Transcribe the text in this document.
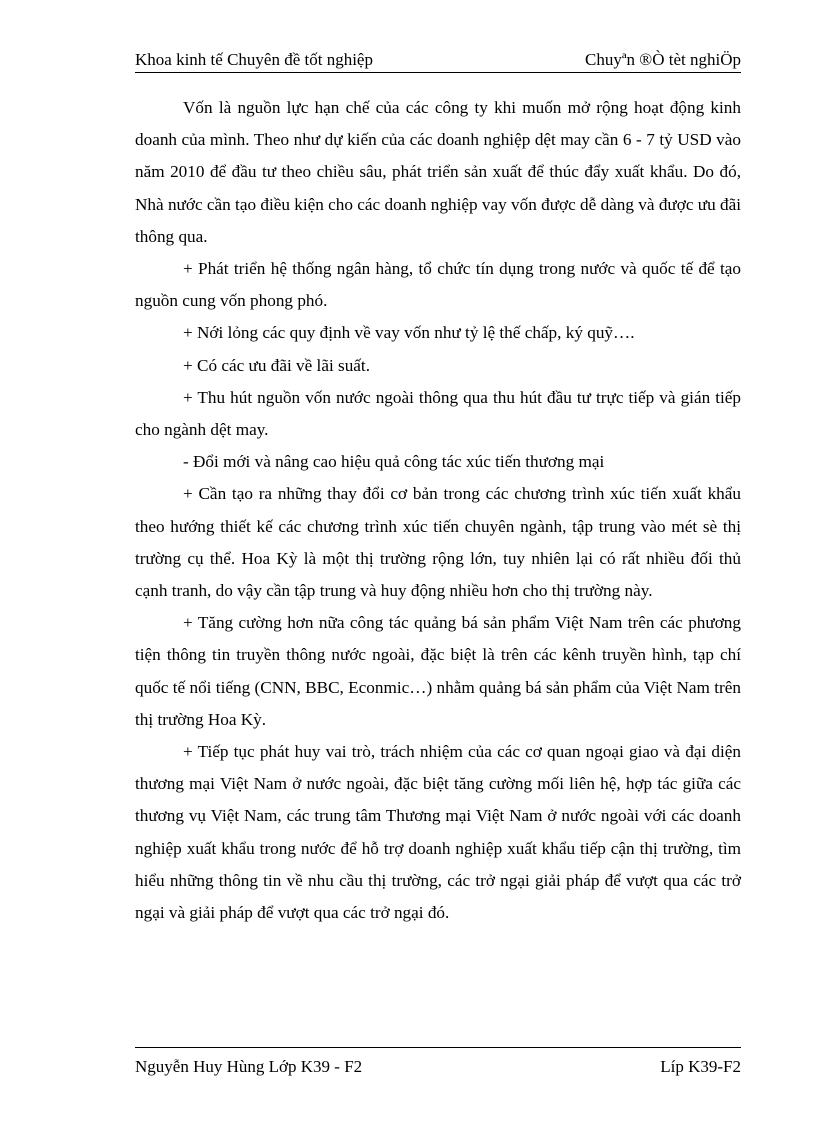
Khoa kinh tế Chuyên đề tốt nghiệp	Chuyªn ®Ò tèt nghiÖp

Vốn là nguồn lực hạn chế của các công ty khi muốn mở rộng hoạt động kinh doanh của mình. Theo như dự kiến của các doanh nghiệp dệt may cần 6 - 7 tỷ USD vào năm 2010 để đầu tư theo chiều sâu, phát triển sản xuất để thúc đẩy xuất khẩu. Do đó, Nhà nước cần tạo điều kiện cho các doanh nghiệp vay vốn được dễ dàng và được ưu đãi thông qua.

+ Phát triển hệ thống ngân hàng, tổ chức tín dụng trong nước và quốc tế để tạo nguồn cung vốn phong phó.

+ Nới lỏng các quy định về vay vốn như tỷ lệ thế chấp, ký quỹ….

+ Có các ưu đãi về lãi suất.

+ Thu hút nguồn vốn nước ngoài thông qua thu hút đầu tư trực tiếp và gián tiếp cho ngành dệt may.

- Đổi mới và nâng cao hiệu quả công tác xúc tiến thương mại

+ Cần tạo ra những thay đổi cơ bản trong các chương trình xúc tiến xuất khẩu theo hướng thiết kế các chương trình xúc tiến chuyên ngành, tập trung vào mét sè thị trường cụ thể. Hoa Kỳ là một thị trường rộng lớn, tuy nhiên lại có rất nhiều đối thủ cạnh tranh, do vậy cần tập trung và huy động nhiều hơn cho thị trường này.

+ Tăng cường hơn nữa công tác quảng bá sản phẩm Việt Nam trên các phương tiện thông tin truyền thông nước ngoài, đặc biệt là trên các kênh truyền hình, tạp chí quốc tế nổi tiếng (CNN, BBC, Econmic…) nhằm quảng bá sản phẩm của Việt Nam trên thị trường Hoa Kỳ.

+ Tiếp tục phát huy vai trò, trách nhiệm của các cơ quan ngoại giao và đại diện thương mại Việt Nam ở nước ngoài, đặc biệt tăng cường mối liên hệ, hợp tác giữa các thương vụ Việt Nam, các trung tâm Thương mại Việt Nam ở nước ngoài với các doanh nghiệp xuất khẩu trong nước để hỗ trợ doanh nghiệp xuất khẩu tiếp cận thị trường, tìm hiểu những thông tin về nhu cầu thị trường, các trở ngại giải pháp để vượt qua các trở ngại và giải pháp để vượt qua các trở ngại đó.

Nguyễn Huy Hùng Lớp K39 - F2	Líp K39-F2
